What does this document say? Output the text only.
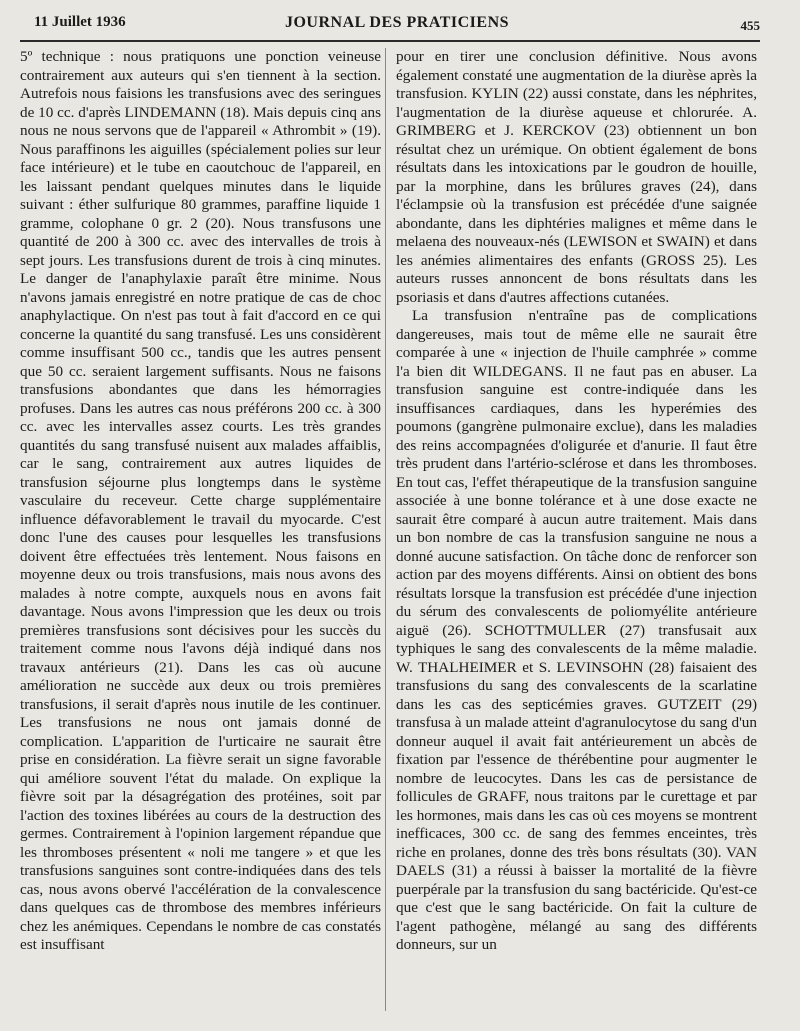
11 Juillet 1936	JOURNAL DES PRATICIENS	455

5º technique : nous pratiquons une ponction veineuse contrairement aux auteurs qui s'en tiennent à la section. Autrefois nous faisions les transfusions avec des seringues de 10 cc. d'après LINDEMANN (18). Mais depuis cinq ans nous ne nous servons que de l'appareil « Athrombit » (19). Nous paraffinons les aiguilles (spécialement polies sur leur face intérieure) et le tube en caoutchouc de l'appareil, en les laissant pendant quelques minutes dans le liquide suivant : éther sulfurique 80 grammes, paraffine liquide 1 gramme, colophane 0 gr. 2 (20). Nous transfusons une quantité de 200 à 300 cc. avec des intervalles de trois à sept jours. Les transfusions durent de trois à cinq minutes. Le danger de l'anaphylaxie paraît être minime. Nous n'avons jamais enregistré en notre pratique de cas de choc anaphylactique. On n'est pas tout à fait d'accord en ce qui concerne la quantité du sang transfusé. Les uns considèrent comme insuffisant 500 cc., tandis que les autres pensent que 50 cc. seraient largement suffisants. Nous ne faisons transfusions abondantes que dans les hémorragies profuses. Dans les autres cas nous préférons 200 cc. à 300 cc. avec les intervalles assez courts. Les très grandes quantités du sang transfusé nuisent aux malades affaiblis, car le sang, contrairement aux autres liquides de transfusion séjourne plus longtemps dans le système vasculaire du receveur. Cette charge supplémentaire influence défavorablement le travail du myocarde. C'est donc l'une des causes pour lesquelles les transfusions doivent être effectuées très lentement. Nous faisons en moyenne deux ou trois transfusions, mais nous avons des malades à notre compte, auxquels nous en avons fait davantage. Nous avons l'impression que les deux ou trois premières transfusions sont décisives pour les succès du traitement comme nous l'avons déjà indiqué dans nos travaux antérieurs (21). Dans les cas où aucune amélioration ne succède aux deux ou trois premières transfusions, il serait d'après nous inutile de les continuer. Les transfusions ne nous ont jamais donné de complication. L'apparition de l'urticaire ne saurait être prise en considération. La fièvre serait un signe favorable qui améliore souvent l'état du malade. On explique la fièvre soit par la désagrégation des protéines, soit par l'action des toxines libérées au cours de la destruction des germes. Contrairement à l'opinion largement répandue que les thromboses présentent « noli me tangere » et que les transfusions sanguines sont contre-indiquées dans des tels cas, nous avons obervé l'accélération de la convalescence dans quelques cas de thrombose des membres inférieurs chez les anémiques. Cependans le nombre de cas constatés est insuffisant

pour en tirer une conclusion définitive. Nous avons également constaté une augmentation de la diurèse après la transfusion. KYLIN (22) aussi constate, dans les néphrites, l'augmentation de la diurèse aqueuse et chlorurée. A. GRIMBERG et J. KERCKOV (23) obtiennent un bon résultat chez un urémique. On obtient également de bons résultats dans les intoxications par le goudron de houille, par la morphine, dans les brûlures graves (24), dans l'éclampsie où la transfusion est précédée d'une saignée abondante, dans les diphtéries malignes et même dans le melaena des nouveaux-nés (LEWISON et SWAIN) et dans les anémies alimentaires des enfants (GROSS 25). Les auteurs russes annoncent de bons résultats dans les psoriasis et dans d'autres affections cutanées.

La transfusion n'entraîne pas de complications dangereuses, mais tout de même elle ne saurait être comparée à une « injection de l'huile camphrée » comme l'a bien dit WILDEGANS. Il ne faut pas en abuser. La transfusion sanguine est contre-indiquée dans les insuffisances cardiaques, dans les hyperémies des poumons (gangrène pulmonaire exclue), dans les maladies des reins accompagnées d'oligurée et d'anurie. Il faut être très prudent dans l'artério-sclérose et dans les thromboses. En tout cas, l'effet thérapeutique de la transfusion sanguine associée à une bonne tolérance et à une dose exacte ne saurait être comparé à aucun autre traitement. Mais dans un bon nombre de cas la transfusion sanguine ne nous a donné aucune satisfaction. On tâche donc de renforcer son action par des moyens différents. Ainsi on obtient des bons résultats lorsque la transfusion est précédée d'une injection du sérum des convalescents de poliomyélite antérieure aiguë (26). SCHOTTMULLER (27) transfusait aux typhiques le sang des convalescents de la même maladie. W. THALHEIMER et S. LEVINSOHN (28) faisaient des transfusions du sang des convalescents de la scarlatine dans les cas des septicémies graves. GUTZEIT (29) transfusa à un malade atteint d'agranulocytose du sang d'un donneur auquel il avait fait antérieurement un abcès de fixation par l'essence de thérébentine pour augmenter le nombre de leucocytes. Dans les cas de persistance de follicules de GRAFF, nous traitons par le curettage et par les hormones, mais dans les cas où ces moyens se montrent inefficaces, 300 cc. de sang des femmes enceintes, très riche en prolanes, donne des très bons résultats (30). VAN DAELS (31) a réussi à baisser la mortalité de la fièvre puerpérale par la transfusion du sang bactéricide. Qu'est-ce que c'est que le sang bactéricide. On fait la culture de l'agent pathogène, mélangé au sang des différents donneurs, sur un
